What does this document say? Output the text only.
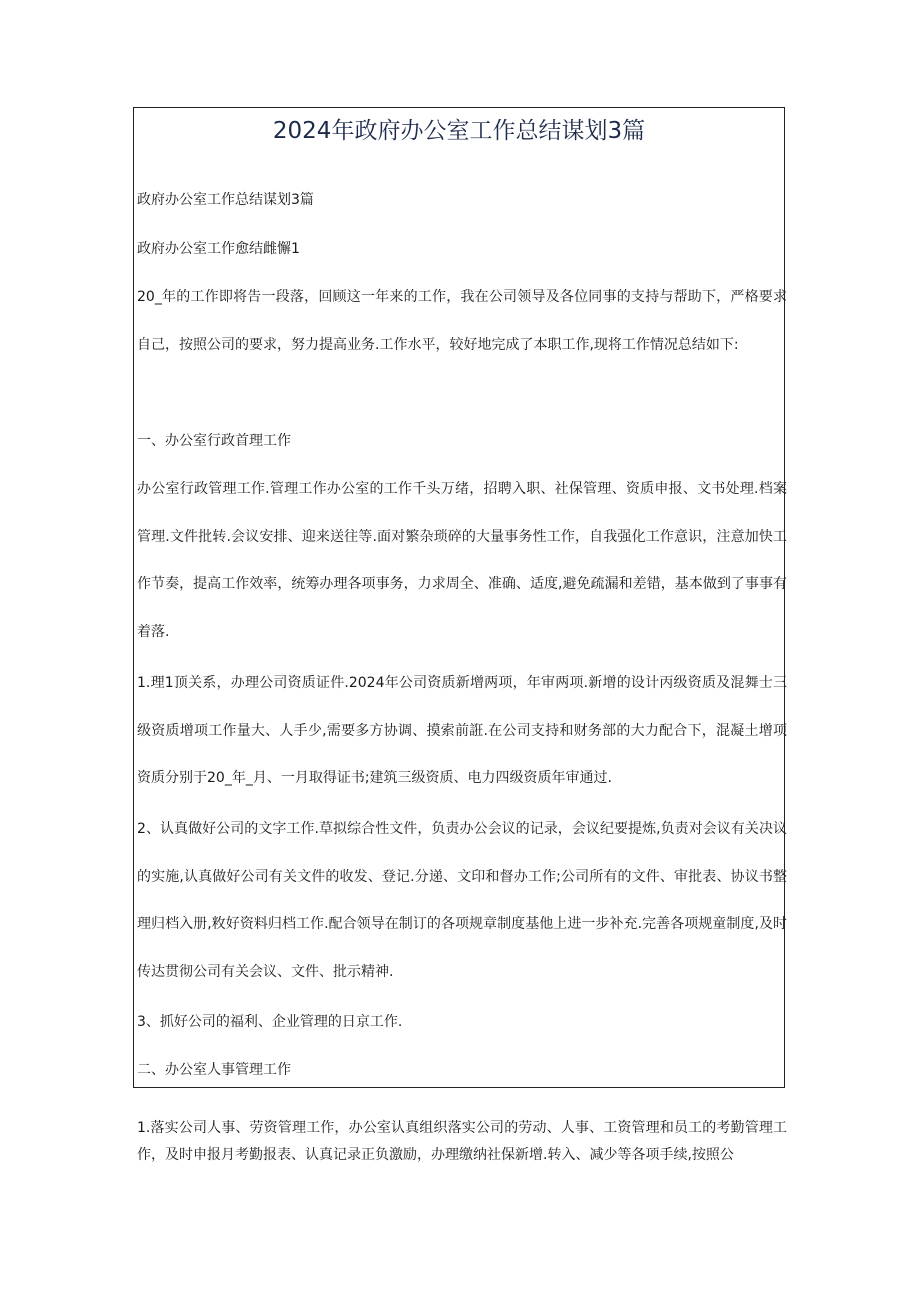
2024年政府办公室工作总结谋划3篇

政府办公室工作总结谋划3篇

政府办公室工作愈结雌懈1

20_年的工作即将告一段落，回顾这一年来的工作，我在公司领导及各位同事的支持与帮助下，严格要求自己，按照公司的要求，努力提高业务.工作水平，较好地完成了本职工作,现将工作情况总结如下:

一、办公室行政首理工作

办公室行政管理工作.管理工作办公室的工作千头万绪，招聘入职、社保管理、资质申报、文书处理.档案管理.文件批转.会议安排、迎来送往等.面对繁杂琐碎的大量事务性工作，自我强化工作意识，注意加快工作节奏，提高工作效率，统筹办理各项事务，力求周全、准确、适度,避免疏漏和差错，基本做到了事事有着落.

1.理1顶关系，办理公司资质证件.2024年公司资质新增两项，年审两项.新增的设计丙级资质及混舞士三级资质增项工作量大、人手少,需要多方协调、摸索前誑.在公司支持和财务部的大力配合下，混凝土增项资质分别于20_年_月、一月取得证书;建筑三级资质、电力四级资质年审通过.

2、认真做好公司的文字工作.草拟综合性文件，负责办公会议的记录，会议纪要提炼,负责对会议有关决议的实施,认真做好公司有关文件的收发、登记.分递、文印和督办工作;公司所有的文件、审批表、协议书整理归档入册,敉好资料归档工作.配合领导在制订的各项规章制度基他上进一步补充.完善各项规童制度,及时传达贯彻公司有关会议、文件、批示精神.

3、抓好公司的福利、企业管理的日京工作.

二、办公室人事管理工作

1.落实公司人事、劳资管理工作，办公室认真组织落实公司的劳动、人事、工资管理和员工的考勤管理工作，及时申报月考勤报表、认真记录正负激励，办理缴纳社保新增.转入、减少等各项手续,按照公
